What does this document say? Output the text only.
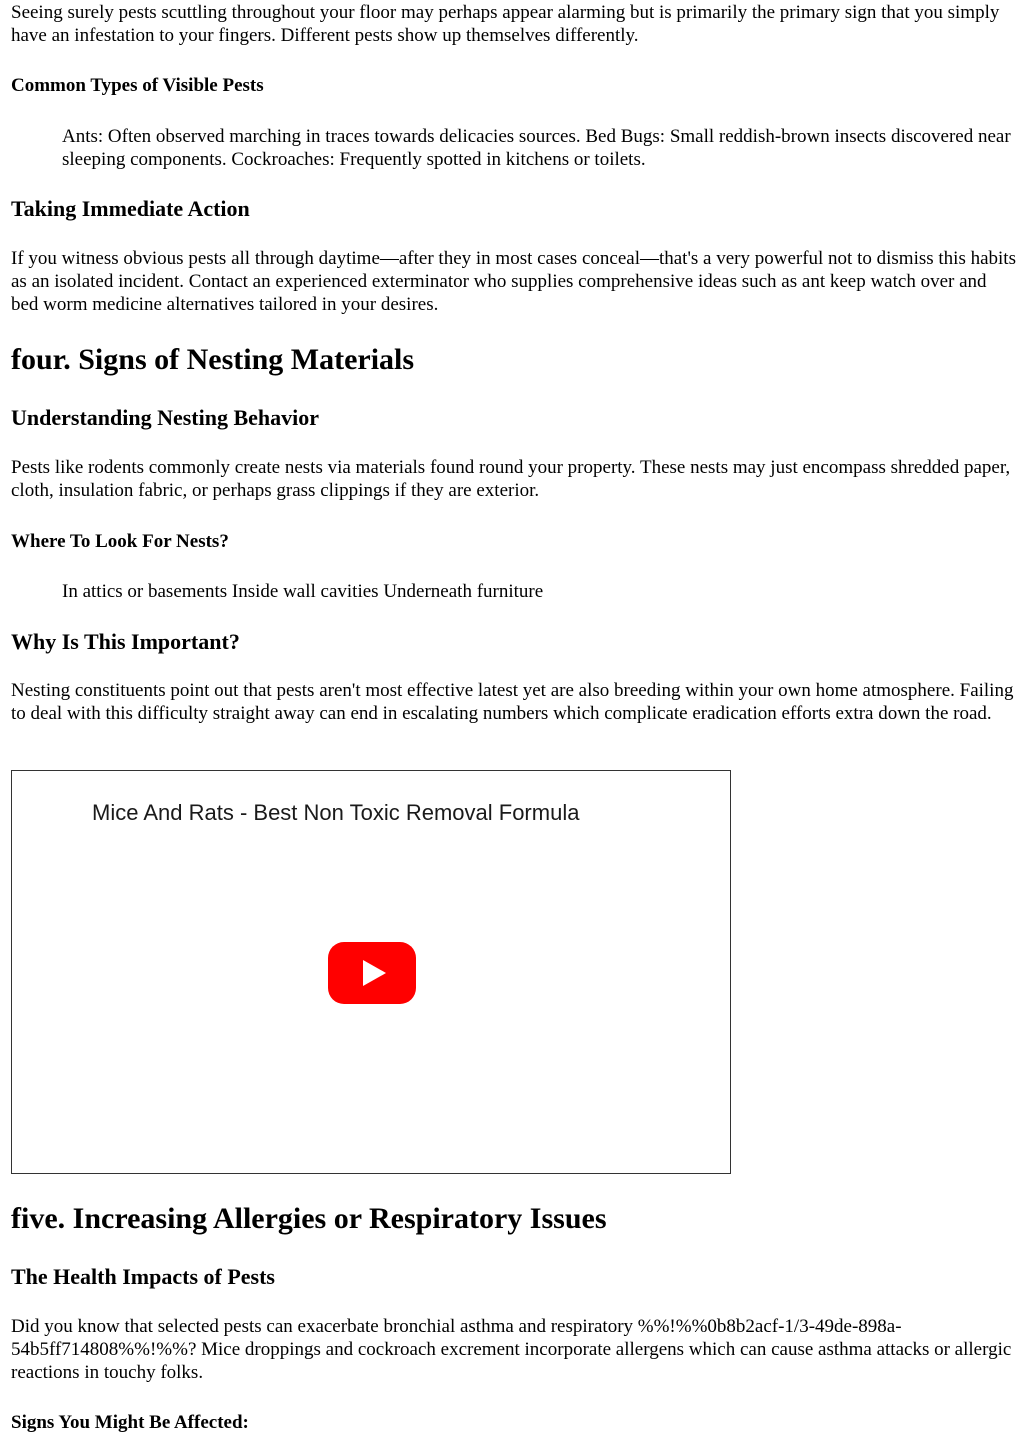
Seeing surely pests scuttling throughout your floor may perhaps appear alarming but is primarily the primary sign that you simply have an infestation to your fingers. Different pests show up themselves differently.

Common Types of Visible Pests

Ants: Often observed marching in traces towards delicacies sources. Bed Bugs: Small reddish-brown insects discovered near sleeping components. Cockroaches: Frequently spotted in kitchens or toilets.

Taking Immediate Action

If you witness obvious pests all through daytime—after they in most cases conceal—that's a very powerful not to dismiss this habits as an isolated incident. Contact an experienced exterminator who supplies comprehensive ideas such as ant keep watch over and bed worm medicine alternatives tailored in your desires.

four. Signs of Nesting Materials
Understanding Nesting Behavior

Pests like rodents commonly create nests via materials found round your property. These nests may just encompass shredded paper, cloth, insulation fabric, or perhaps grass clippings if they are exterior.

Where To Look For Nests?

In attics or basements Inside wall cavities Underneath furniture

Why Is This Important?

Nesting constituents point out that pests aren't most effective latest yet are also breeding within your own home atmosphere. Failing to deal with this difficulty straight away can end in escalating numbers which complicate eradication efforts extra down the road.

Mice And Rats - Best Non Toxic Removal Formula
five. Increasing Allergies or Respiratory Issues
The Health Impacts of Pests

Did you know that selected pests can exacerbate bronchial asthma and respiratory %%!%%0b8b2acf-1/3-49de-898a-54b5ff714808%%!%%? Mice droppings and cockroach excrement incorporate allergens which can cause asthma attacks or allergic reactions in touchy folks.

Signs You Might Be Affected:
